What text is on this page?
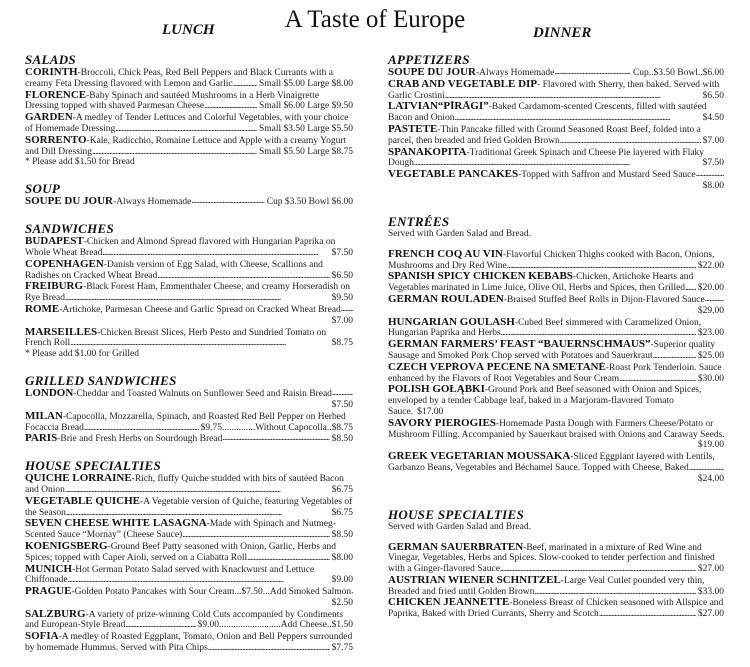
A Taste of Europe
LUNCH	DINNER
SALADS
CORINTH-Broccoli, Chick Peas, Red Bell Peppers and Black Currants with a creamy Feta Dressing flavored with Lemon and Garlic . . .	Small $5.00 Large $8.00
FLORENCE-Baby Spinach and sautéed Mushrooms in a Herb Vinaigrette Dressing topped with shaved Parmesan Cheese . . .	Small $6.00 Large $9.50
GARDEN-A medley of Tender Lettuces and Colorful Vegetables, with your choice of Homemade Dressing . . .	Small $3.50 Large $5.50
SORRENTO-Kale, Radicchio, Romaine Lettuce and Apple with a creamy Yogurt and Dill Dressing . . .	Small $5.50 Large $8.75
* Please add $1.50 for Bread
SOUP
SOUPE DU JOUR-Always Homemade . . .	Cup $3.50 Bowl $6.00
SANDWICHES
BUDAPEST-Chicken and Almond Spread flavored with Hungarian Paprika on Whole Wheat Bread . . .	$7.50
COPENHAGEN-Danish version of Egg Salad, with Cheese, Scallions and Radishes on Cracked Wheat Bread . . .	$6.50
FREIBURG-Black Forest Ham, Emmenthaler Cheese, and creamy Horseradish on Rye Bread . . .	$9.50
ROME-Artichoke, Parmesan Cheese and Garlic Spread on Cracked Wheat Bread . . .
$7.00
MARSEILLES-Chicken Breast Slices, Herb Pesto and Sundried Tomato on French Roll . . .	$8.75
* Please add $1.00 for Grilled
GRILLED SANDWICHES
LONDON-Cheddar and Toasted Walnuts on Sunflower Seed and Raisin Bread . . .
$7.50
MILAN-Capocolla, Mozzarella, Spinach, and Roasted Red Bell Pepper on Herbed Focaccia Bread . . .	$9.75..............Without Capocolla..$8.75
PARIS-Brie and Fresh Herbs on Sourdough Bread . . .	$8.50
HOUSE SPECIALTIES
QUICHE LORRAINE-Rich, fluffy Quiche studded with bits of sautéed Bacon and Onion . . .	$6.75
VEGETABLE QUICHE-A Vegetable version of Quiche, featuring Vegetables of the Season . . .	$6.75
SEVEN CHEESE WHITE LASAGNA-Made with Spinach and Nutmeg-Scented Sauce “Mornay” (Cheese Sauce) . . .	$8.50
KOENIGSBERG-Ground Beef Patty seasoned with Onion, Garlic, Herbs and Spices; topped with Caper Aioli, served on a Ciabatta Roll . . .	$8.00
MUNICH-Hot German Potato Salad served with Knackwurst and Lettuce Chiffonade . . .	$9.00
PRAGUE-Golden Potato Pancakes with Sour Cream...$7.50...Add Smoked Salmon . . .
$2.50
SALZBURG-A variety of prize-winning Cold Cuts accompanied by Condiments and European-Style Bread . . .	$9.00..........................Add Cheese..$1.50
SOFIA-A medley of Roasted Eggplant, Tomato, Onion and Bell Peppers surrounded by homemade Hummus. Served with Pita Chips . . .	$7.75
APPETIZERS
SOUPE DU JOUR-Always Homemade . . .	Cup..$3.50 Bowl..$6.00
CRAB AND VEGETABLE DIP- Flavored with Sherry, then baked. Served with Garlic Crostini . . .	$6.50
LATVIAN“PĪRĀGI”-Baked Cardamom-scented Crescents, filled with sautéed Bacon and Onion . . .	$4.50
PASTETE-Thin Pancake filled with Ground Seasoned Roast Beef, folded into a parcel, then breaded and fried Golden Brown . . .	$7.00
SPANAKOPITA-Traditional Greek Spinach and Cheese Pie layered with Flaky Dough . . .	$7.50
VEGETABLE PANCAKES-Topped with Saffron and Mustard Seed Sauce . . .
$8.00
ENTRÉES
Served with Garden Salad and Bread.
FRENCH COQ AU VIN-Flavorful Chicken Thighs cooked with Bacon, Onions, Mushrooms and Dry Red Wine . . .	$22.00
SPANISH SPICY CHICKEN KEBABS-Chicken, Artichoke Hearts and Vegetables marinated in Lime Juice, Olive Oil, Herbs and Spices, then Grilled . . . $20.00
GERMAN ROULADEN-Braised Stuffed Beef Rolls in Dijon-Flavored Sauce . . .
$29.00
HUNGARIAN GOULASH-Cubed Beef simmered with Caramelized Onion, Hungarian Paprika and Herbs . . .	$23.00
GERMAN FARMERS’ FEAST “BAUERNSCHMAUS”-Superior quality Sausage and Smoked Pork Chop served with Potatoes and Sauerkraut . . .	$25.00
CZECH VEPŘOVÁ PEČENĚ NA SMETANĚ-Roast Pork Tenderloin. Sauce enhanced by the Flavors of Root Vegetables and Sour Cream . . .	$30.00
POLISH GOŁĄBKI-Ground Pork and Beef seasoned with Onion and Spices, enveloped by a tender Cabbage leaf, baked in a Marjoram-flavored Tomato Sauce. $17.00
SAVORY PIEROGIES-Homemade Pasta Dough with Farmers Cheese/Potato or Mushroom Filling. Accompanied by Sauerkaut braised with Onions and Caraway Seeds . . .
$19.00
GREEK VEGETARIAN MOUSSAKA-Sliced Eggplant layered with Lentils, Garbanzo Beans, Vegetables and Béchamel Sauce. Topped with Cheese, Baked . . .
$24.00
HOUSE SPECIALTIES
Served with Garden Salad and Bread.
GERMAN SAUERBRATEN-Beef, marinated in a mixture of Red Wine and Vinegar, Vegetables, Herbs and Spices. Slow-cooked to tender perfection and finished with a Ginger-flavored Sauce . . .	$27.00
AUSTRIAN WIENER SCHNITZEL-Large Veal Cutlet pounded very thin, Breaded and fried until Golden Brown . . .	$33.00
CHICKEN JEANNETTE-Boneless Breast of Chicken seasoned with Allspice and Paprika, Baked with Dried Currants, Sherry and Scotch . . .	$27.00
